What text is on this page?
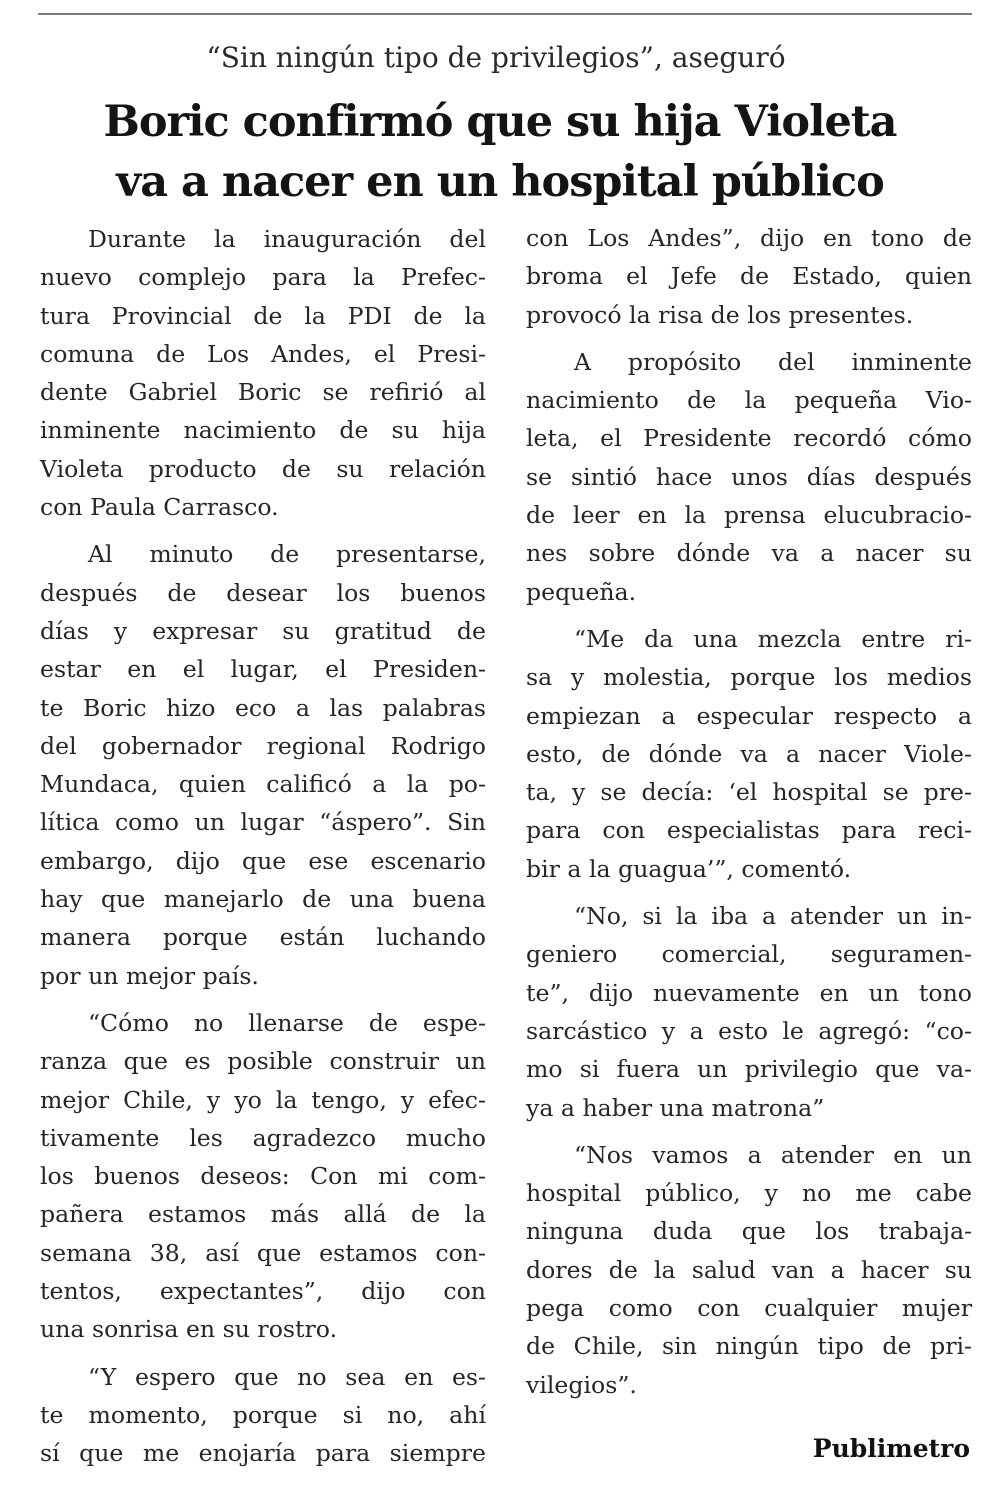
“Sin ningún tipo de privilegios”, aseguró
Boric confirmó que su hija Violeta
va a nacer en un hospital público
Durante la inauguración del
nuevo complejo para la Prefec-
tura Provincial de la PDI de la
comuna de Los Andes, el Presi-
dente Gabriel Boric se refirió al
inminente nacimiento de su hija
Violeta producto de su relación
con Paula Carrasco.
Al minuto de presentarse,
después de desear los buenos
días y expresar su gratitud de
estar en el lugar, el Presiden-
te Boric hizo eco a las palabras
del gobernador regional Rodrigo
Mundaca, quien calificó a la po-
lítica como un lugar “áspero”. Sin
embargo, dijo que ese escenario
hay que manejarlo de una buena
manera porque están luchando
por un mejor país.
“Cómo no llenarse de espe-
ranza que es posible construir un
mejor Chile, y yo la tengo, y efec-
tivamente les agradezco mucho
los buenos deseos: Con mi com-
pañera estamos más allá de la
semana 38, así que estamos con-
tentos, expectantes”, dijo con
una sonrisa en su rostro.
“Y espero que no sea en es-
te momento, porque si no, ahí
sí que me enojaría para siempre
con Los Andes”, dijo en tono de
broma el Jefe de Estado, quien
provocó la risa de los presentes.
A propósito del inminente
nacimiento de la pequeña Vio-
leta, el Presidente recordó cómo
se sintió hace unos días después
de leer en la prensa elucubracio-
nes sobre dónde va a nacer su
pequeña.
“Me da una mezcla entre ri-
sa y molestia, porque los medios
empiezan a especular respecto a
esto, de dónde va a nacer Viole-
ta, y se decía: ‘el hospital se pre-
para con especialistas para reci-
bir a la guagua’”, comentó.
“No, si la iba a atender un in-
geniero comercial, seguramen-
te”, dijo nuevamente en un tono
sarcástico y a esto le agregó: “co-
mo si fuera un privilegio que va-
ya a haber una matrona”
“Nos vamos a atender en un
hospital público, y no me cabe
ninguna duda que los trabaja-
dores de la salud van a hacer su
pega como con cualquier mujer
de Chile, sin ningún tipo de pri-
vilegios”.
Publimetro
